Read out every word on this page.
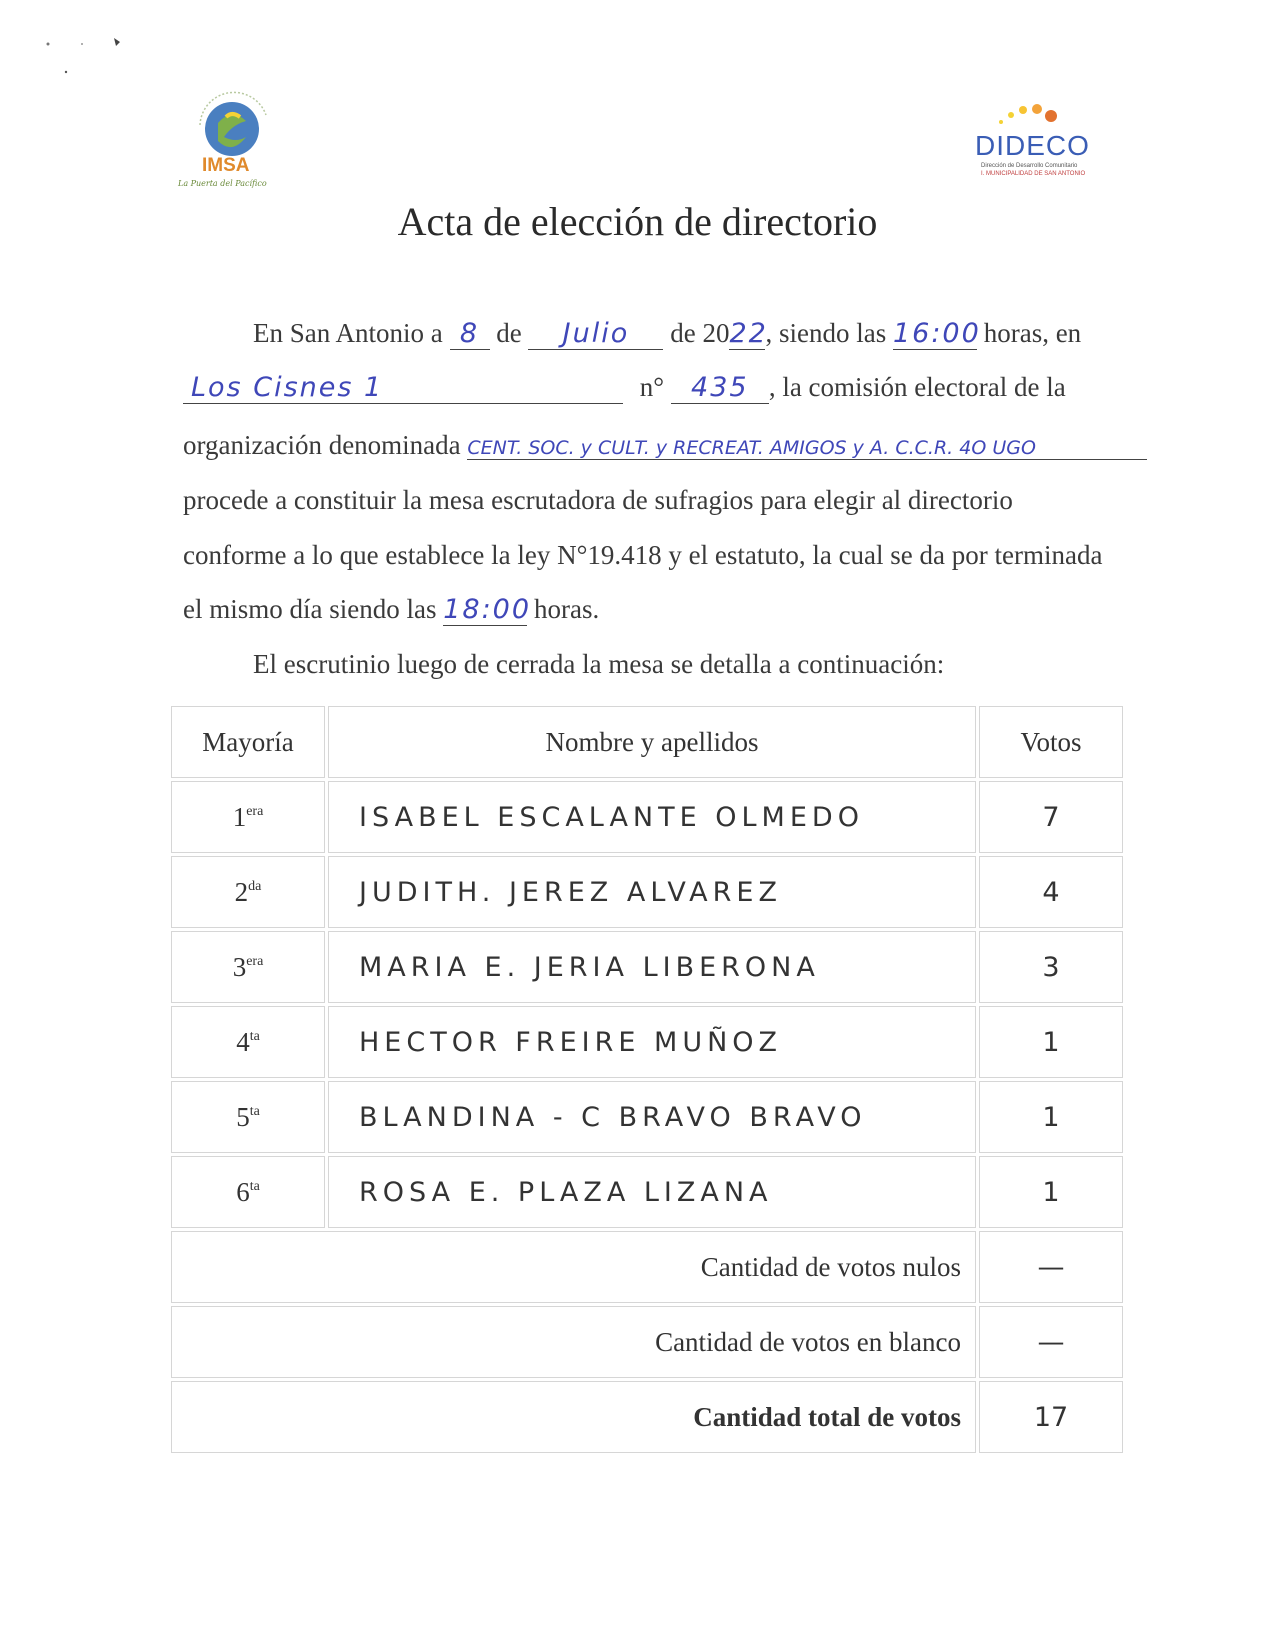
IMSA
La Puerta del Pacífico
DIDECO
Dirección de Desarrollo Comunitario
I. MUNICIPALIDAD DE SAN ANTONIO
Acta de elección de directorio
En San Antonio a 8 de Julio de 2022, siendo las 16:00 horas, en
Los Cisnes 1	n° 435 , la comisión electoral de la
organización denominada CENT. SOC. y CULT. y RECREAT. AMIGOS y A. C.C.R. 4O UGO
procede a constituir la mesa escrutadora de sufragios para elegir al directorio
conforme a lo que establece la ley N°19.418 y el estatuto, la cual se da por terminada
el mismo día siendo las 18:00 horas.
El escrutinio luego de cerrada la mesa se detalla a continuación:
Mayoría	Nombre y apellidos	Votos
$1^{era}$	ISABEL ESCALANTE OLMEDO	7
$2^{da}$	JUDITH. JEREZ ALVAREZ	4
$3^{era}$	MARIA E. JERIA LIBERONA	3
$4^{ta}$	HECTOR FREIRE MUÑOZ	1
$5^{ta}$	BLANDINA - C BRAVO BRAVO	1
$6^{ta}$	ROSA E. PLAZA LIZANA	1
Cantidad de votos nulos		—
Cantidad de votos en blanco		—
Cantidad total de votos		17
